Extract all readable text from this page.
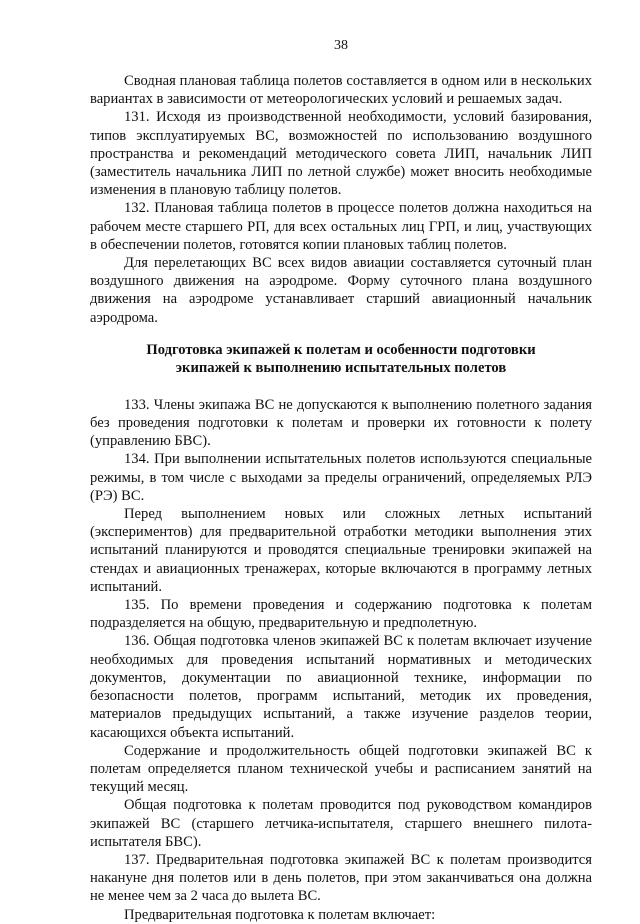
38

Сводная плановая таблица полетов составляется в одном или в нескольких вариантах в зависимости от метеорологических условий и решаемых задач.

131. Исходя из производственной необходимости, условий базирования, типов эксплуатируемых ВС, возможностей по использованию воздушного пространства и рекомендаций методического совета ЛИП, начальник ЛИП (заместитель начальника ЛИП по летной службе) может вносить необходимые изменения в плановую таблицу полетов.

132. Плановая таблица полетов в процессе полетов должна находиться на рабочем месте старшего РП, для всех остальных лиц ГРП, и лиц, участвующих в обеспечении полетов, готовятся копии плановых таблиц полетов.

Для перелетающих ВС всех видов авиации составляется суточный план воздушного движения на аэродроме. Форму суточного плана воздушного движения на аэродроме устанавливает старший авиационный начальник аэродрома.

Подготовка экипажей к полетам и особенности подготовки
экипажей к выполнению испытательных полетов

133. Члены экипажа ВС не допускаются к выполнению полетного задания без проведения подготовки к полетам и проверки их готовности к полету (управлению БВС).

134. При выполнении испытательных полетов используются специальные режимы, в том числе с выходами за пределы ограничений, определяемых РЛЭ (РЭ) ВС.

Перед выполнением новых или сложных летных испытаний (экспериментов) для предварительной отработки методики выполнения этих испытаний планируются и проводятся специальные тренировки экипажей на стендах и авиационных тренажерах, которые включаются в программу летных испытаний.

135. По времени проведения и содержанию подготовка к полетам подразделяется на общую, предварительную и предполетную.

136. Общая подготовка членов экипажей ВС к полетам включает изучение необходимых для проведения испытаний нормативных и методических документов, документации по авиационной технике, информации по безопасности полетов, программ испытаний, методик их проведения, материалов предыдущих испытаний, а также изучение разделов теории, касающихся объекта испытаний.

Содержание и продолжительность общей подготовки экипажей ВС к полетам определяется планом технической учебы и расписанием занятий на текущий месяц.

Общая подготовка к полетам проводится под руководством командиров экипажей ВС (старшего летчика-испытателя, старшего внешнего пилота-испытателя БВС).

137. Предварительная подготовка экипажей ВС к полетам производится накануне дня полетов или в день полетов, при этом заканчиваться она должна не менее чем за 2 часа до вылета ВС.

Предварительная подготовка к полетам включает:
